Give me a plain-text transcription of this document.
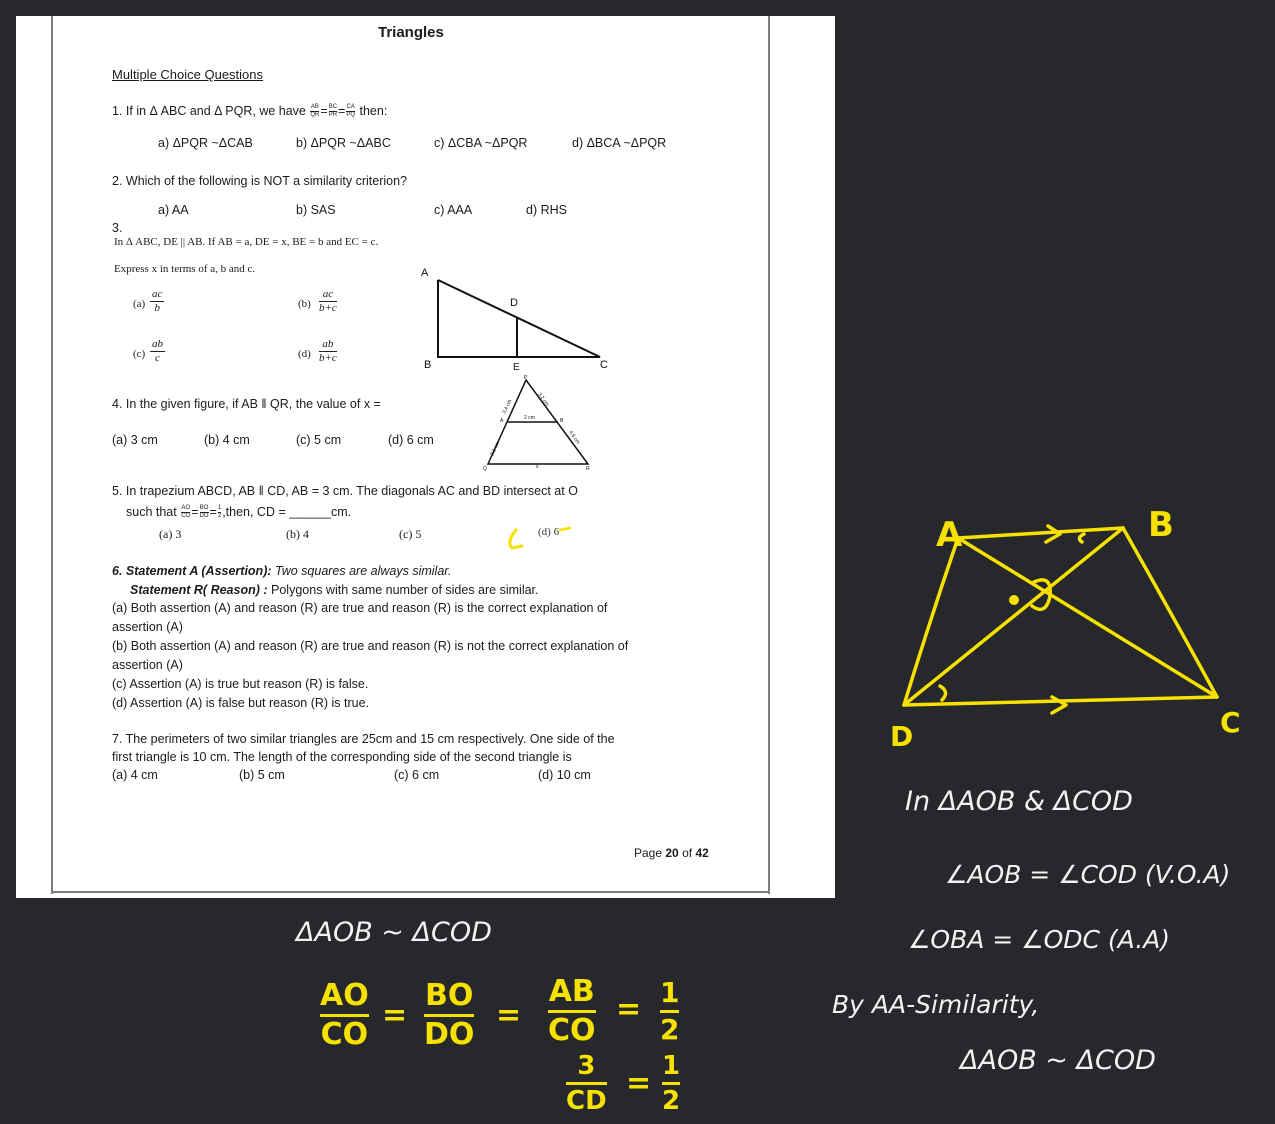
Triangles
Multiple Choice Questions
1. If in Δ ABC and Δ PQR, we have $\frac{AB}{QR} = \frac{BC}{PR} = \frac{CA}{PQ}$ then:
a) ΔPQR ~ΔCAB	b) ΔPQR ~ΔABC	c) ΔCBA ~ΔPQR	d) ΔBCA ~ΔPQR
2. Which of the following is NOT a similarity criterion?
a) AA	b) SAS	c) AAA	d) RHS
3.
In Δ ABC, DE || AB. If AB = a, DE = x, BE = b and EC = c.
Express x in terms of a, b and c.
$(a) \frac{ac}{b}$	$(b) \frac{ac}{b+c}$
$(c) \frac{ab}{c}$	$(d) \frac{ab}{b+c}$
A
D
B	E	C
4. In the given figure, if AB ‖ QR, the value of x =
(a) 3 cm	(b) 4 cm	(c) 5 cm	(d) 6 cm
P
A	B
Q	R
x
2 cm
3.4 cm	3.2 cm
3.6 cm
4.6 cm
5. In trapezium ABCD, AB ‖ CD, AB = 3 cm. The diagonals AC and BD intersect at O
such that $\frac{AO}{CO} = \frac{BO}{DO} = \frac{1}{2}$ ,then, CD = ______cm.
(a) 3	(b) 4	(c) 5	(d) 6
6. Statement A (Assertion): Two squares are always similar.
Statement R( Reason) : Polygons with same number of sides are similar.
(a) Both assertion (A) and reason (R) are true and reason (R) is the correct explanation of
assertion (A)
(b) Both assertion (A) and reason (R) are true and reason (R) is not the correct explanation of
assertion (A)
(c) Assertion (A) is true but reason (R) is false.
(d) Assertion (A) is false but reason (R) is true.
7. The perimeters of two similar triangles are 25cm and 15 cm respectively. One side of the
first triangle is 10 cm. The length of the corresponding side of the second triangle is
(a) 4 cm	(b) 5 cm	(c) 6 cm	(d) 10 cm
Page 20 of 42
A	B
D	C
In ΔAOB & ΔCOD
∠AOB = ∠COD (V.O.A)
∠OBA = ∠ODC (A.A)
By AA-Similarity,
ΔAOB ~ ΔCOD
ΔAOB ~ ΔCOD
AO
CO
=
BO
DO
=
AB
CO
= 1
2
3
CD = 1
2
